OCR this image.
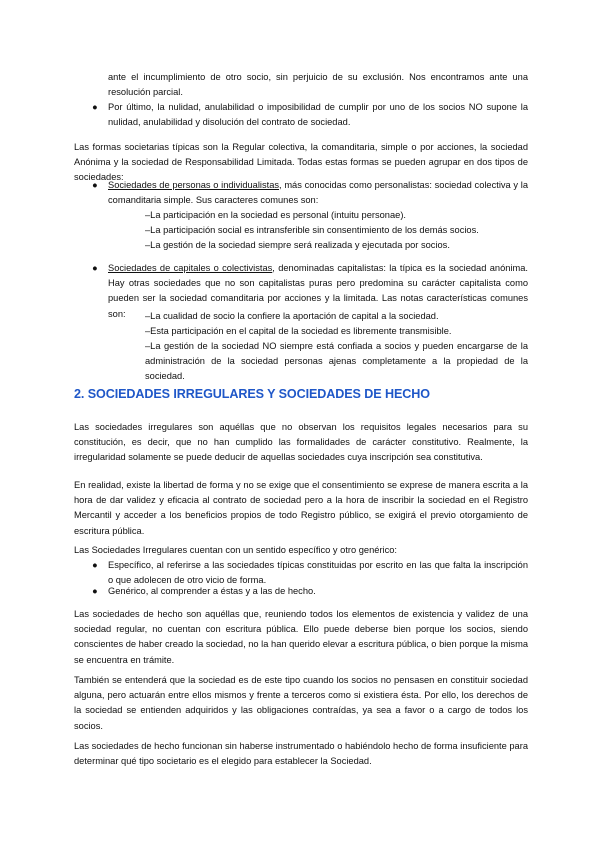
ante el incumplimiento de otro socio, sin perjuicio de su exclusión. Nos encontramos ante una resolución parcial.

●	Por último, la nulidad, anulabilidad o imposibilidad de cumplir por uno de los socios NO supone la nulidad, anulabilidad y disolución del contrato de sociedad.

Las formas societarias típicas son la Regular colectiva, la comanditaria, simple o por acciones, la sociedad Anónima y la sociedad de Responsabilidad Limitada. Todas estas formas se pueden agrupar en dos tipos de sociedades:

●	Sociedades de personas o individualistas, más conocidas como personalistas: sociedad colectiva y la comanditaria simple. Sus caracteres comunes son:

–La participación en la sociedad es personal (intuitu personae).

–La participación social es intransferible sin consentimiento de los demás socios.

–La gestión de la sociedad siempre será realizada y ejecutada por socios.

●	Sociedades de capitales o colectivistas, denominadas capitalistas: la típica es la sociedad anónima. Hay otras sociedades que no son capitalistas puras pero predomina su carácter capitalista como pueden ser la sociedad comanditaria por acciones y la limitada. Las notas características comunes son:	–La cualidad de socio la confiere la aportación de capital a la sociedad.

–Esta participación en el capital de la sociedad es libremente transmisible.

–La gestión de la sociedad NO siempre está confiada a socios y pueden encargarse de la administración de la sociedad personas ajenas completamente a la propiedad de la sociedad.

2. SOCIEDADES IRREGULARES Y SOCIEDADES DE HECHO

Las sociedades irregulares son aquéllas que no observan los requisitos legales necesarios para su constitución, es decir, que no han cumplido las formalidades de carácter constitutivo. Realmente, la irregularidad solamente se puede deducir de aquellas sociedades cuya inscripción sea constitutiva.

En realidad, existe la libertad de forma y no se exige que el consentimiento se exprese de manera escrita a la hora de dar validez y eficacia al contrato de sociedad pero a la hora de inscribir la sociedad en el Registro Mercantil y acceder a los beneficios propios de todo Registro público, se exigirá el previo otorgamiento de escritura pública.

Las Sociedades Irregulares cuentan con un sentido específico y otro genérico:

●	Específico, al referirse a las sociedades típicas constituidas por escrito en las que falta la inscripción o que adolecen de otro vicio de forma.

●	Genérico, al comprender a éstas y a las de hecho.

Las sociedades de hecho son aquéllas que, reuniendo todos los elementos de existencia y validez de una sociedad regular, no cuentan con escritura pública. Ello puede deberse bien porque los socios, siendo conscientes de haber creado la sociedad, no la han querido elevar a escritura pública, o bien porque la misma se encuentra en trámite.

También se entenderá que la sociedad es de este tipo cuando los socios no pensasen en constituir sociedad alguna, pero actuarán entre ellos mismos y frente a terceros como si existiera ésta. Por ello, los derechos de la sociedad se entienden adquiridos y las obligaciones contraídas, ya sea a favor o a cargo de todos los socios.

Las sociedades de hecho funcionan sin haberse instrumentado o habiéndolo hecho de forma insuficiente para determinar qué tipo societario es el elegido para establecer la Sociedad.
